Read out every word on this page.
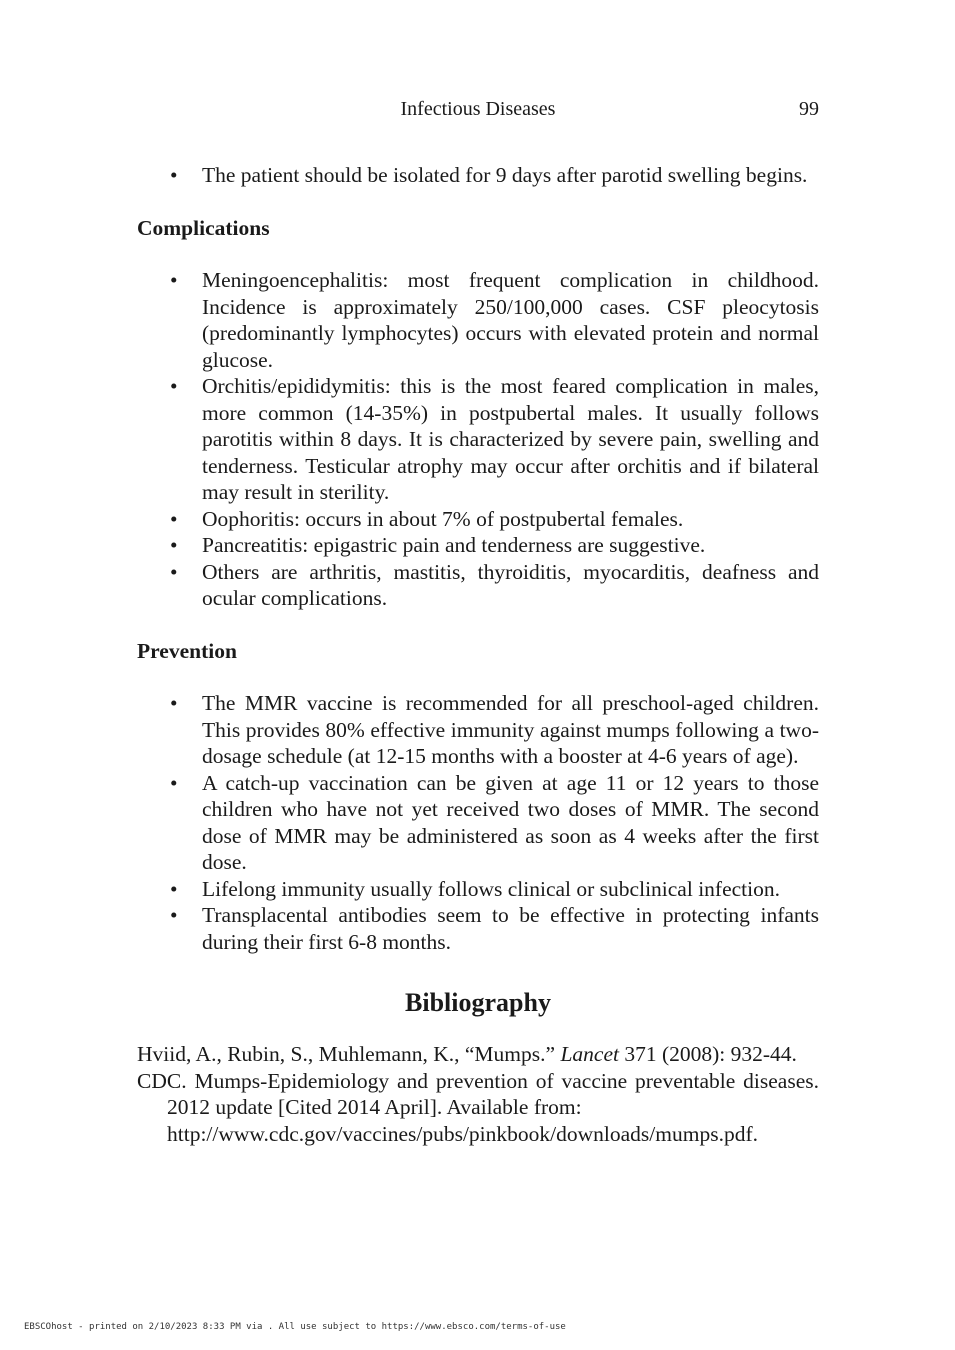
Infectious Diseases	99
• The patient should be isolated for 9 days after parotid swelling begins.
Complications
• Meningoencephalitis: most frequent complication in childhood. Incidence is approximately 250/100,000 cases. CSF pleocytosis (predominantly lymphocytes) occurs with elevated protein and normal glucose.
• Orchitis/epididymitis: this is the most feared complication in males, more common (14-35%) in postpubertal males. It usually follows parotitis within 8 days. It is characterized by severe pain, swelling and tenderness. Testicular atrophy may occur after orchitis and if bilateral may result in sterility.
• Oophoritis: occurs in about 7% of postpubertal females.
• Pancreatitis: epigastric pain and tenderness are suggestive.
• Others are arthritis, mastitis, thyroiditis, myocarditis, deafness and ocular complications.
Prevention
• The MMR vaccine is recommended for all preschool-aged children. This provides 80% effective immunity against mumps following a two-dosage schedule (at 12-15 months with a booster at 4-6 years of age).
• A catch-up vaccination can be given at age 11 or 12 years to those children who have not yet received two doses of MMR. The second dose of MMR may be administered as soon as 4 weeks after the first dose.
• Lifelong immunity usually follows clinical or subclinical infection.
• Transplacental antibodies seem to be effective in protecting infants during their first 6-8 months.
Bibliography
Hviid, A., Rubin, S., Muhlemann, K., “Mumps.” Lancet 371 (2008): 932-44.
CDC. Mumps-Epidemiology and prevention of vaccine preventable diseases. 2012 update [Cited 2014 April]. Available from:
http://www.cdc.gov/vaccines/pubs/pinkbook/downloads/mumps.pdf.
EBSCOhost - printed on 2/10/2023 8:33 PM via . All use subject to https://www.ebsco.com/terms-of-use
